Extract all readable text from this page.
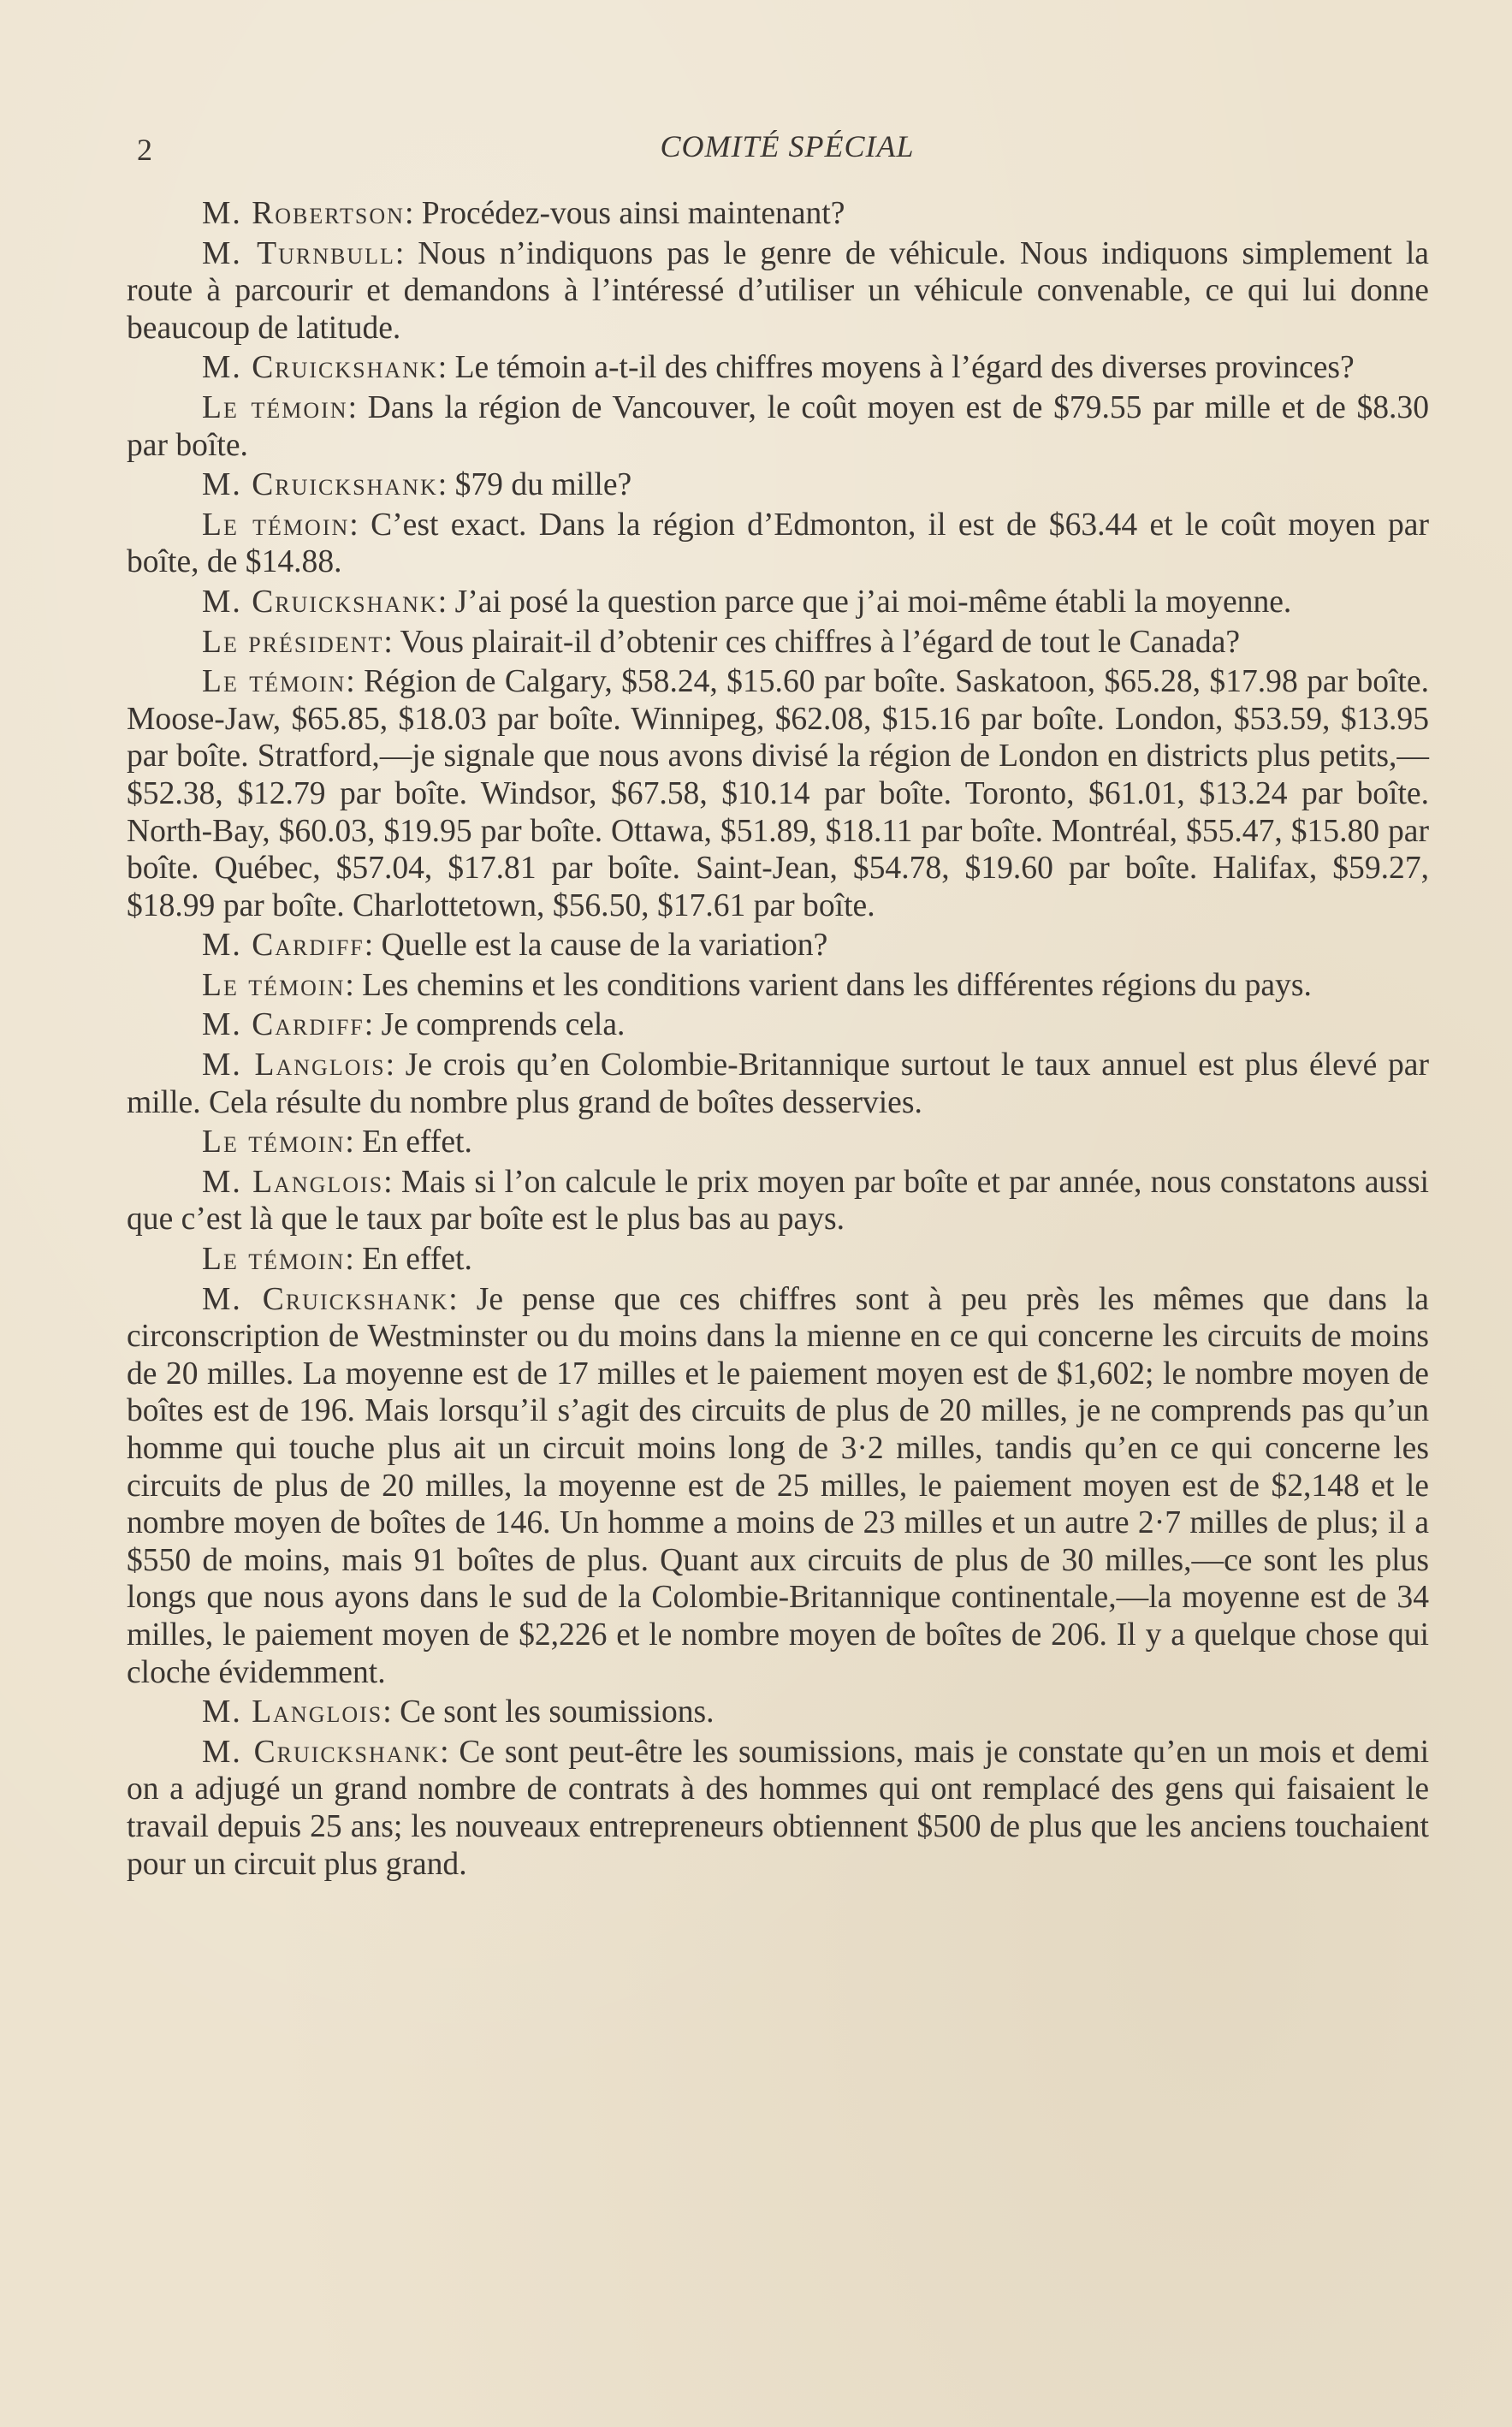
2	COMITÉ SPÉCIAL

M. Robertson: Procédez-vous ainsi maintenant?

M. Turnbull: Nous n’indiquons pas le genre de véhicule. Nous indiquons simplement la route à parcourir et demandons à l’intéressé d’utiliser un véhicule convenable, ce qui lui donne beaucoup de latitude.

M. Cruickshank: Le témoin a-t-il des chiffres moyens à l’égard des diverses provinces?

Le témoin: Dans la région de Vancouver, le coût moyen est de $79.55 par mille et de $8.30 par boîte.

M. Cruickshank: $79 du mille?

Le témoin: C’est exact. Dans la région d’Edmonton, il est de $63.44 et le coût moyen par boîte, de $14.88.

M. Cruickshank: J’ai posé la question parce que j’ai moi-même établi la moyenne.

Le président: Vous plairait-il d’obtenir ces chiffres à l’égard de tout le Canada?

Le témoin: Région de Calgary, $58.24, $15.60 par boîte. Saskatoon, $65.28, $17.98 par boîte. Moose-Jaw, $65.85, $18.03 par boîte. Winnipeg, $62.08, $15.16 par boîte. London, $53.59, $13.95 par boîte. Stratford,—je signale que nous avons divisé la région de London en districts plus petits,—$52.38, $12.79 par boîte. Windsor, $67.58, $10.14 par boîte. Toronto, $61.01, $13.24 par boîte. North-Bay, $60.03, $19.95 par boîte. Ottawa, $51.89, $18.11 par boîte. Montréal, $55.47, $15.80 par boîte. Québec, $57.04, $17.81 par boîte. Saint-Jean, $54.78, $19.60 par boîte. Halifax, $59.27, $18.99 par boîte. Charlottetown, $56.50, $17.61 par boîte.

M. Cardiff: Quelle est la cause de la variation?

Le témoin: Les chemins et les conditions varient dans les différentes régions du pays.

M. Cardiff: Je comprends cela.

M. Langlois: Je crois qu’en Colombie-Britannique surtout le taux annuel est plus élevé par mille. Cela résulte du nombre plus grand de boîtes desservies.

Le témoin: En effet.

M. Langlois: Mais si l’on calcule le prix moyen par boîte et par année, nous constatons aussi que c’est là que le taux par boîte est le plus bas au pays.

Le témoin: En effet.

M. Cruickshank: Je pense que ces chiffres sont à peu près les mêmes que dans la circonscription de Westminster ou du moins dans la mienne en ce qui concerne les circuits de moins de 20 milles. La moyenne est de 17 milles et le paiement moyen est de $1,602; le nombre moyen de boîtes est de 196. Mais lorsqu’il s’agit des circuits de plus de 20 milles, je ne comprends pas qu’un homme qui touche plus ait un circuit moins long de 3·2 milles, tandis qu’en ce qui concerne les circuits de plus de 20 milles, la moyenne est de 25 milles, le paiement moyen est de $2,148 et le nombre moyen de boîtes de 146. Un homme a moins de 23 milles et un autre 2·7 milles de plus; il a $550 de moins, mais 91 boîtes de plus. Quant aux circuits de plus de 30 milles,—ce sont les plus longs que nous ayons dans le sud de la Colombie-Britannique continentale,—la moyenne est de 34 milles, le paiement moyen de $2,226 et le nombre moyen de boîtes de 206. Il y a quelque chose qui cloche évidemment.

M. Langlois: Ce sont les soumissions.

M. Cruickshank: Ce sont peut-être les soumissions, mais je constate qu’en un mois et demi on a adjugé un grand nombre de contrats à des hommes qui ont remplacé des gens qui faisaient le travail depuis 25 ans; les nouveaux entrepreneurs obtiennent $500 de plus que les anciens touchaient pour un circuit plus grand.
